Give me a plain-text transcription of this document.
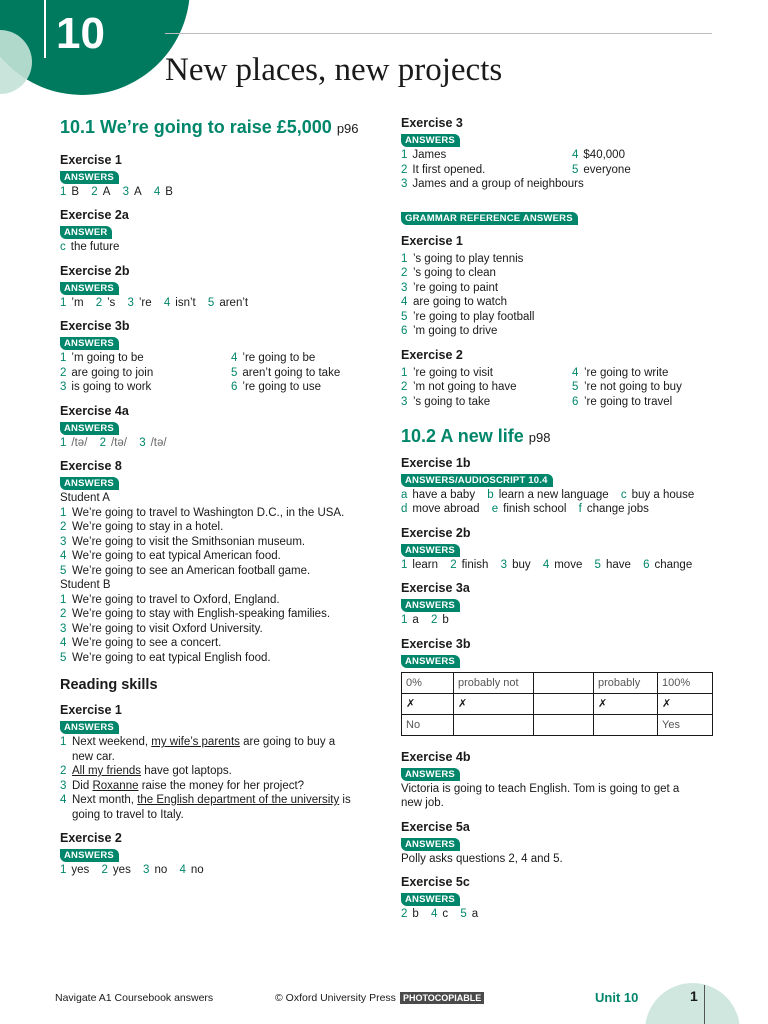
10
New places, new projects
10.1 We’re going to raise £5,000 p96
Exercise 1
ANSWERS
1 B 2 A 3 A 4 B
Exercise 2a
ANSWER
c the future
Exercise 2b
ANSWERS
1 ’m 2 ’s 3 ’re 4 isn’t 5 aren’t
Exercise 3b
ANSWERS
1 ’m going to be	4 ’re going to be
2 are going to join	5 aren’t going to take
3 is going to work	6 ’re going to use
Exercise 4a
ANSWERS
1 /tə/ 2 /tə/ 3 /tə/
Exercise 8
ANSWERS
Student A
1 We’re going to travel to Washington D.C., in the USA.
2 We’re going to stay in a hotel.
3 We’re going to visit the Smithsonian museum.
4 We’re going to eat typical American food.
5 We’re going to see an American football game.
Student B
1 We’re going to travel to Oxford, England.
2 We’re going to stay with English-speaking families.
3 We’re going to visit Oxford University.
4 We’re going to see a concert.
5 We’re going to eat typical English food.
Reading skills
Exercise 1
ANSWERS
1 Next weekend, my wife’s parents are going to buy a
new car.
2 All my friends have got laptops.
3 Did Roxanne raise the money for her project?
4 Next month, the English department of the university is
going to travel to Italy.
Exercise 2
ANSWERS
1 yes 2 yes 3 no 4 no
Exercise 3
ANSWERS
1 James	4 $40,000
2 It first opened.	5 everyone
3 James and a group of neighbours
GRAMMAR REFERENCE ANSWERS
Exercise 1
1 ’s going to play tennis
2 ’s going to clean
3 ’re going to paint
4 are going to watch
5 ’re going to play football
6 ’m going to drive
Exercise 2
1 ’re going to visit	4 ’re going to write
2 ’m not going to have	5 ’re not going to buy
3 ’s going to take	6 ’re going to travel
10.2 A new life p98
Exercise 1b
ANSWERS/AUDIOSCRIPT 10.4
a have a baby b learn a new language c buy a house
d move abroad e finish school f change jobs
Exercise 2b
ANSWERS
1 learn 2 finish 3 buy 4 move 5 have 6 change
Exercise 3a
ANSWERS
1 a 2 b
Exercise 3b
ANSWERS
0%	probably not		probably	100%
✗	✗		✗	✗
No				Yes
Exercise 4b
ANSWERS
Victoria is going to teach English. Tom is going to get a
new job.
Exercise 5a
ANSWERS
Polly asks questions 2, 4 and 5.
Exercise 5c
ANSWERS
2 b 4 c 5 a
Navigate A1 Coursebook answers	© Oxford University Press PHOTOCOPIABLE	Unit 10	1
